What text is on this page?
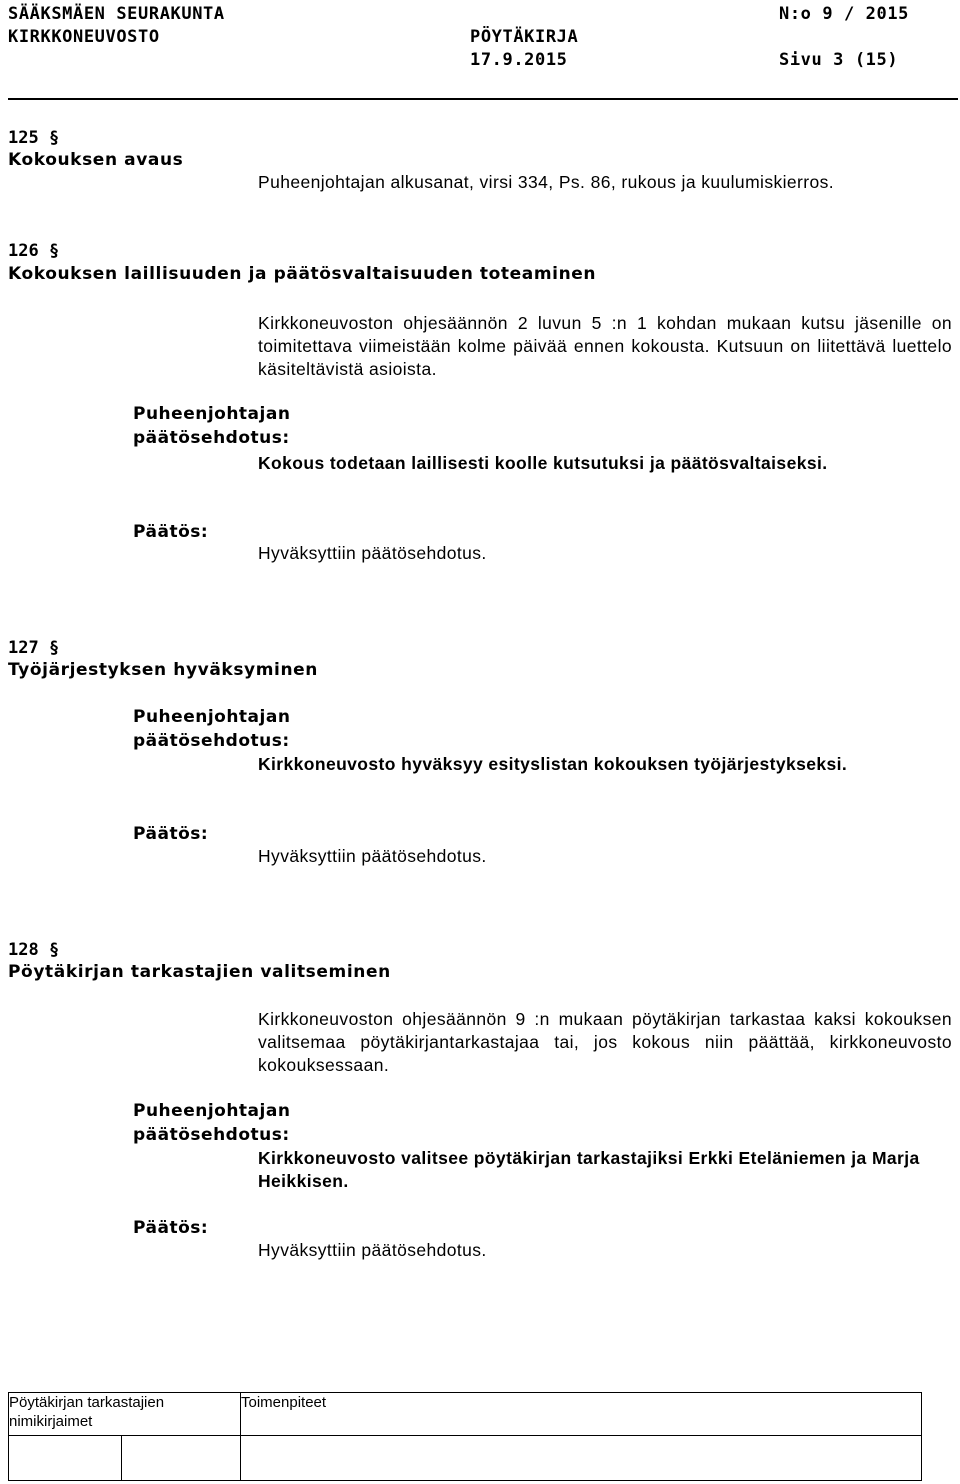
SÄÄKSMÄEN SEURAKUNTA	N:o 9 / 2015
KIRKKONEUVOSTO	PÖYTÄKIRJA
17.9.2015	Sivu 3 (15)
125 §
Kokouksen avaus
Puheenjohtajan alkusanat, virsi 334, Ps. 86, rukous ja kuulumiskierros.
126 §
Kokouksen laillisuuden ja päätösvaltaisuuden toteaminen
Kirkkoneuvoston ohjesäännön 2 luvun 5 :n 1 kohdan mukaan kutsu jäsenille on toimitettava viimeistään kolme päivää ennen kokousta. Kutsuun on liitettävä luettelo käsiteltävistä asioista.
Puheenjohtajan
päätösehdotus:
Kokous todetaan laillisesti koolle kutsutuksi ja päätösvaltaiseksi.
Päätös:
Hyväksyttiin päätösehdotus.
127 §
Työjärjestyksen hyväksyminen
Puheenjohtajan
päätösehdotus:
Kirkkoneuvosto hyväksyy esityslistan kokouksen työjärjestykseksi.
Päätös:
Hyväksyttiin päätösehdotus.
128 §
Pöytäkirjan tarkastajien valitseminen
Kirkkoneuvoston ohjesäännön 9 :n mukaan pöytäkirjan tarkastaa kaksi kokouksen valitsemaa pöytäkirjantarkastajaa tai, jos kokous niin päättää, kirkkoneuvosto kokouksessaan.
Puheenjohtajan
päätösehdotus:
Kirkkoneuvosto valitsee pöytäkirjan tarkastajiksi Erkki Eteläniemen ja Marja Heikkisen.
Päätös:
Hyväksyttiin päätösehdotus.
Pöytäkirjan tarkastajien nimikirjaimet		Toimenpiteet
